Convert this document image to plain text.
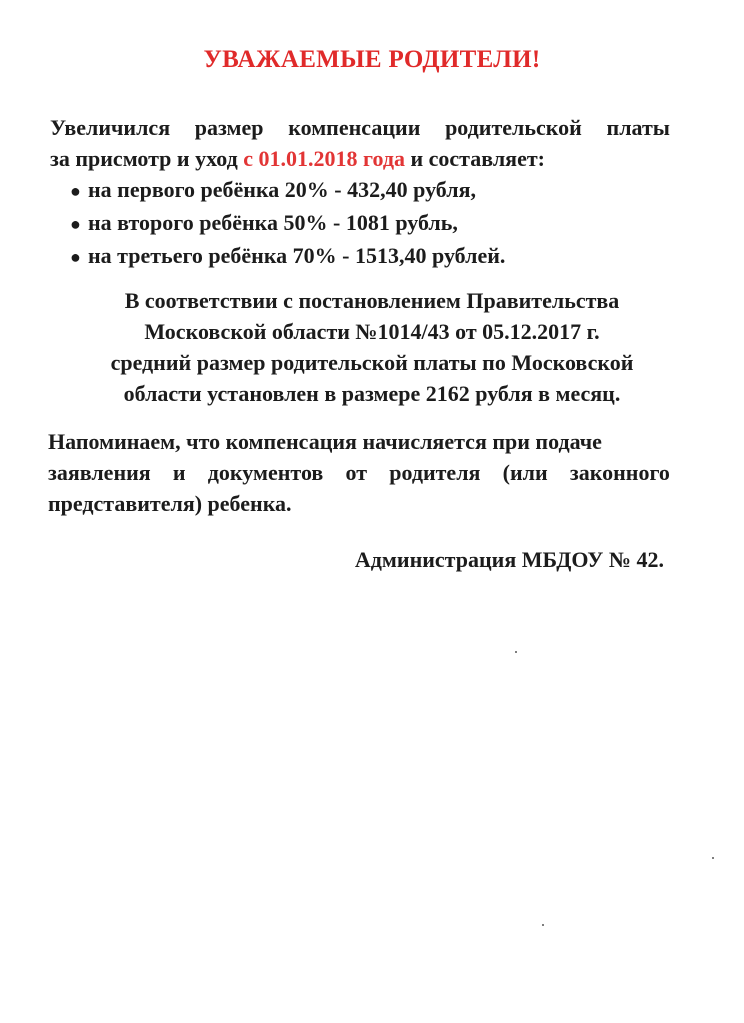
УВАЖАЕМЫЕ РОДИТЕЛИ!
Увеличился размер компенсации родительской платы
за присмотр и уход с 01.01.2018 года и составляет:
● на первого ребёнка 20% - 432,40 рубля,
● на второго ребёнка 50% - 1081 рубль,
● на третьего ребёнка 70% - 1513,40 рублей.
В соответствии с постановлением Правительства
Московской области №1014/43 от 05.12.2017 г.
средний размер родительской платы по Московской
области установлен в размере 2162 рубля в месяц.
Напоминаем, что компенсация начисляется при подаче
заявления и документов от родителя (или законного
представителя) ребенка.
Администрация МБДОУ № 42.
